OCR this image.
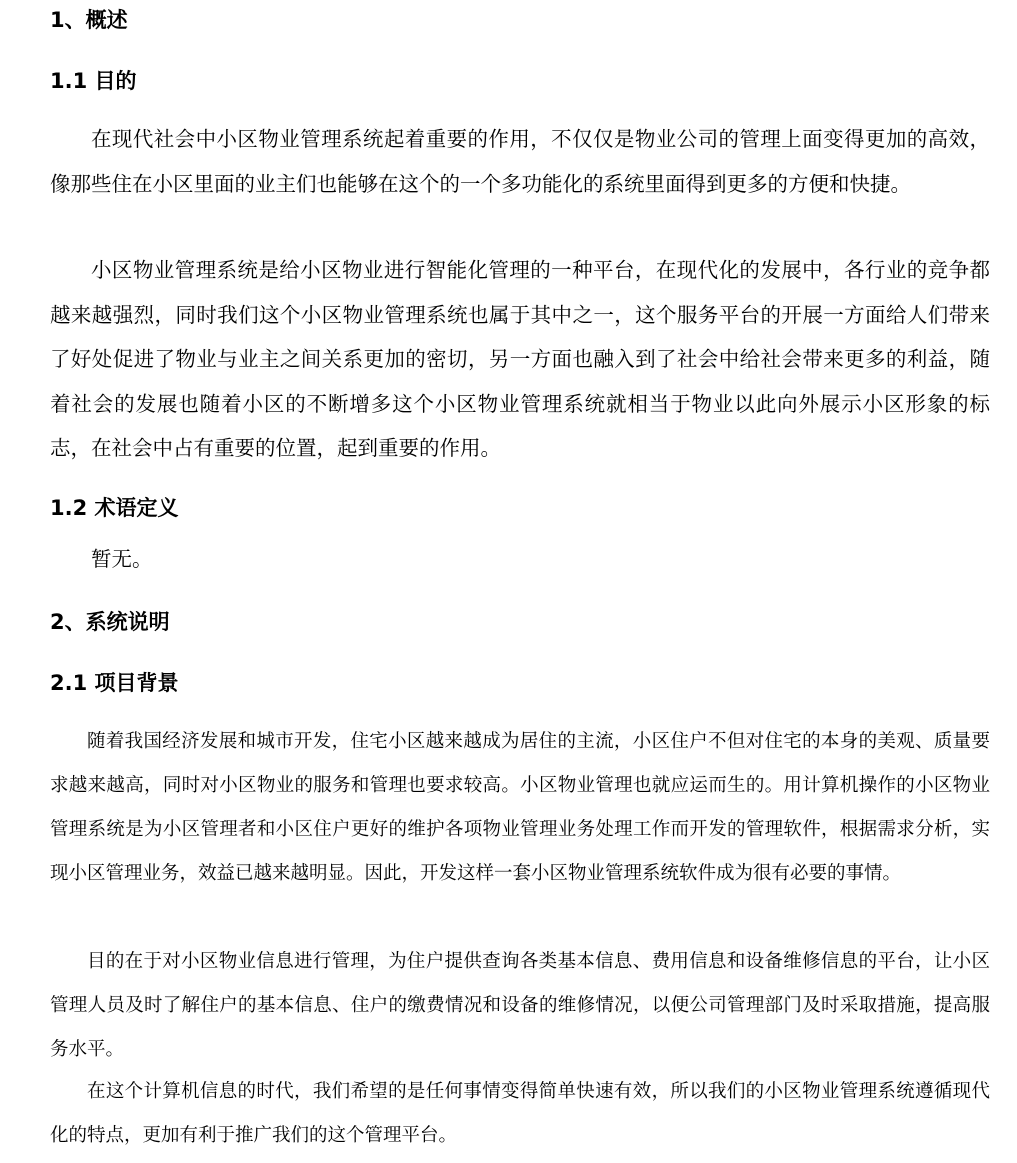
1、概述
1.1 目的

在现代社会中小区物业管理系统起着重要的作用，不仅仅是物业公司的管理上面变得更加的高效，像那些住在小区里面的业主们也能够在这个的一个多功能化的系统里面得到更多的方便和快捷。

小区物业管理系统是给小区物业进行智能化管理的一种平台，在现代化的发展中，各行业的竞争都越来越强烈，同时我们这个小区物业管理系统也属于其中之一，这个服务平台的开展一方面给人们带来了好处促进了物业与业主之间关系更加的密切，另一方面也融入到了社会中给社会带来更多的利益，随着社会的发展也随着小区的不断增多这个小区物业管理系统就相当于物业以此向外展示小区形象的标志，在社会中占有重要的位置，起到重要的作用。

1.2 术语定义

暂无。

2、系统说明
2.1 项目背景

随着我国经济发展和城市开发，住宅小区越来越成为居住的主流，小区住户不但对住宅的本身的美观、质量要求越来越高，同时对小区物业的服务和管理也要求较高。小区物业管理也就应运而生的。用计算机操作的小区物业管理系统是为小区管理者和小区住户更好的维护各项物业管理业务处理工作而开发的管理软件，根据需求分析，实现小区管理业务，效益已越来越明显。因此，开发这样一套小区物业管理系统软件成为很有必要的事情。

目的在于对小区物业信息进行管理，为住户提供查询各类基本信息、费用信息和设备维修信息的平台，让小区管理人员及时了解住户的基本信息、住户的缴费情况和设备的维修情况，以便公司管理部门及时采取措施，提高服务水平。

在这个计算机信息的时代，我们希望的是任何事情变得简单快速有效，所以我们的小区物业管理系统遵循现代化的特点，更加有利于推广我们的这个管理平台。
